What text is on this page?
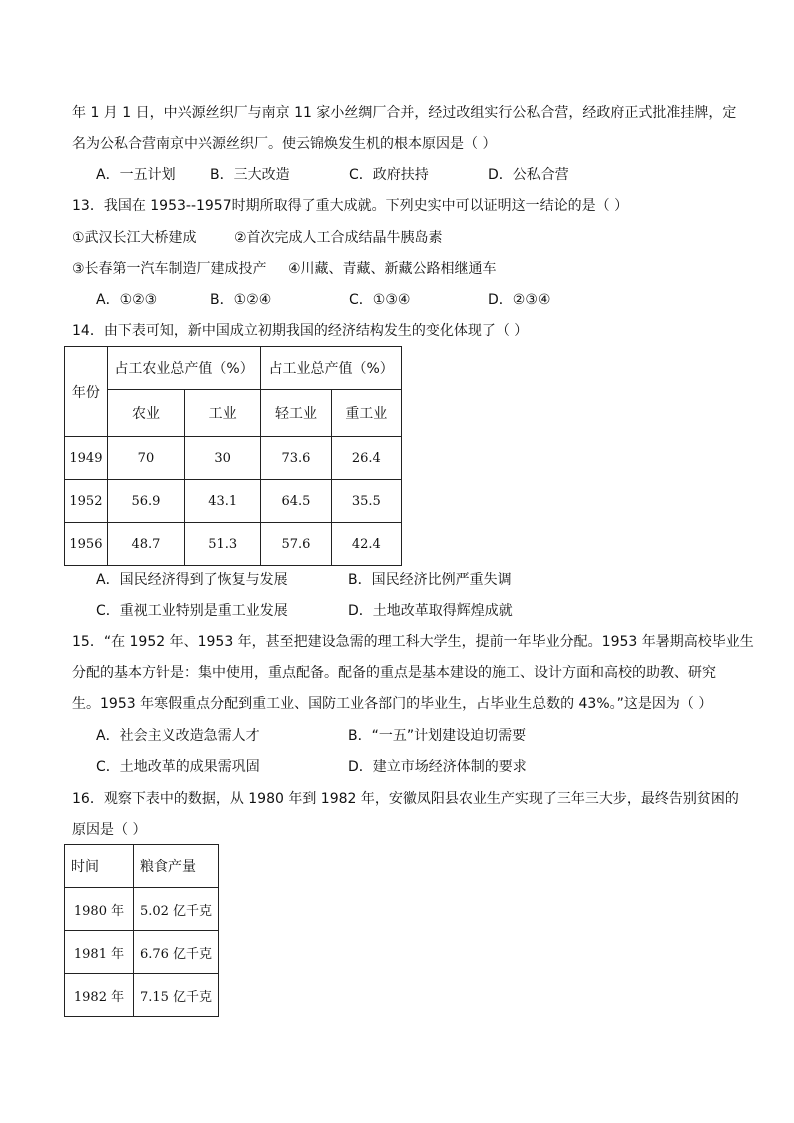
年 1 月 1 日，中兴源丝织厂与南京 11 家小丝绸厂合并，经过改组实行公私合营，经政府正式批准挂牌，定
名为公私合营南京中兴源丝织厂。使云锦焕发生机的根本原因是（ ）
A．一五计划 B．三大改造	C．政府扶持	D．公私合营
13．我国在 1953--1957时期所取得了重大成就。下列史实中可以证明这一结论的是（ ）
①武汉长江大桥建成	②首次完成人工合成结晶牛胰岛素
③长春第一汽车制造厂建成投产 ④川藏、青藏、新藏公路相继通车
A．①②③	B．①②④	C．①③④	D．②③④
14．由下表可知，新中国成立初期我国的经济结构发生的变化体现了（ ）
年份	占工农业总产值（%）		占工业总产值（%）	
	农业	工业	轻工业	重工业
1949	70	30	73.6	26.4
1952	56.9	43.1	64.5	35.5
1956	48.7	51.3	57.6	42.4
A．国民经济得到了恢复与发展	B．国民经济比例严重失调
C．重视工业特别是重工业发展	D．土地改革取得辉煌成就
15．“在 1952 年、1953 年，甚至把建设急需的理工科大学生，提前一年毕业分配。1953 年暑期高校毕业生
分配的基本方针是：集中使用，重点配备。配备的重点是基本建设的施工、设计方面和高校的助教、研究
生。1953 年寒假重点分配到重工业、国防工业各部门的毕业生，占毕业生总数的 43%。”这是因为（ ）
A．社会主义改造急需人才	B．“一五”计划建设迫切需要
C．土地改革的成果需巩固	D．建立市场经济体制的要求
16．观察下表中的数据，从 1980 年到 1982 年，安徽凤阳县农业生产实现了三年三大步，最终告别贫困的
原因是（ ）
时间	粮食产量
1980 年	5.02 亿千克
1981 年	6.76 亿千克
1982 年	7.15 亿千克
